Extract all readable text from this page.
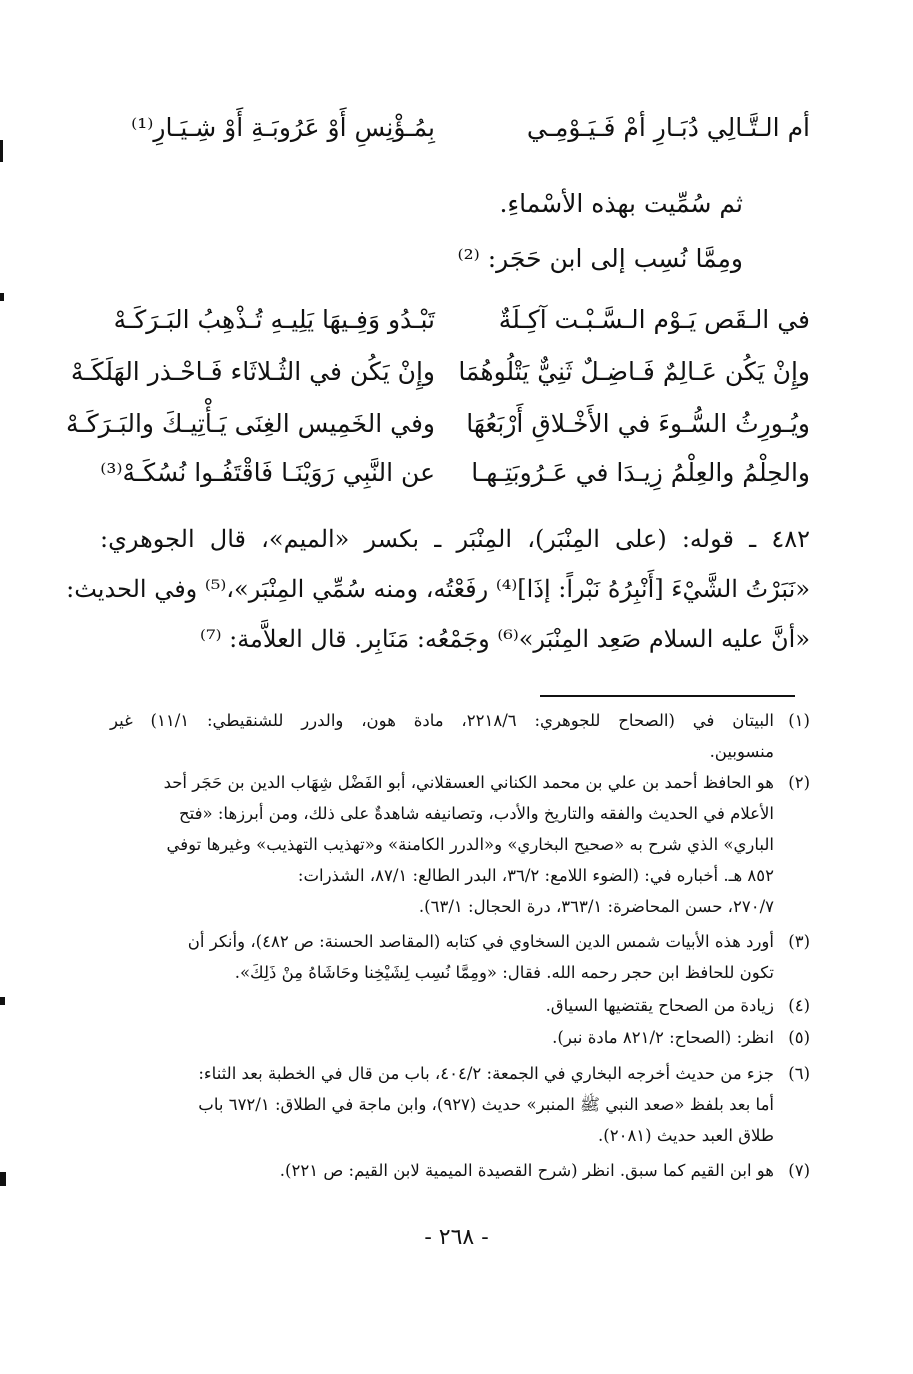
أم الـتَّـالِي دُبَـارِ أمْ فَـيَـوْمِـي
بِمُـؤْنِسِ أَوْ عَرُوبَـةِ أَوْ شِـيَـارِ⁽¹⁾
ثم سُمِّيت بهذه الأسْماءِ.
ومِمَّا نُسِب إلى ابن حَجَر: ⁽²⁾
في الـقَص يَـوْم الـسَّـبْـت آكِـلَةٌ
تَبْـدُو وَفِـيهَا يَلِيـهِ تُـذْهِبُ البَـرَكَـهْ
وإِنْ يَكُن عَـالِمٌ فَـاضِـلٌ ثَنِيٌّ يَتْلُوهُمَا
وإِنْ يَكُن في الثُـلاثَاء فَـاحْـذر الهَلَكَـهْ
ويُـورِثُ السُّـوءَ في الأَخْـلاقِ أَرْبَعُهَا
وفي الخَمِيس الغِنَى يَـأْتِيـكَ والبَـرَكَـهْ
والحِلْمُ والعِلْمُ زِيـدَا في عَـرُوبَتِـهـا
عن النَّبِي رَوَيْنَـا فَاقْتَفُـوا نُسُكَـهْ⁽³⁾
٤٨٢ ـ قوله: (على المِنْبَر)، المِنْبَر ـ بكسر «الميم»، قال الجوهري:
«نَبَرْتُ الشَّيْءَ [أَنْبِرُهُ نَبْراً: إذَا]⁽⁴⁾ رفَعْتُه، ومنه سُمِّي المِنْبَر»،⁽⁵⁾ وفي الحديث:
«أنَّ عليه السلام صَعِد المِنْبَر»⁽⁶⁾ وجَمْعُه: مَنَابِر. قال العلاَّمة: ⁽⁷⁾
(١)البيتان في (الصحاح للجوهري: ٢٢١٨/٦، مادة هون، والدرر للشنقيطي: ١١/١) غير
منسوبين.
(٢)هو الحافظ أحمد بن علي بن محمد الكناني العسقلاني، أبو الفَضْل شِهَاب الدين بن حَجَر أحد
الأعلام في الحديث والفقه والتاريخ والأدب، وتصانيفه شاهدةٌ على ذلك، ومن أبرزها: «فتح
الباري» الذي شرح به «صحيح البخاري» و«الدرر الكامنة» و«تهذيب التهذيب» وغيرها توفي
٨٥٢ هـ. أخباره في: (الضوء اللامع: ٣٦/٢، البدر الطالع: ٨٧/١، الشذرات:
٢٧٠/٧، حسن المحاضرة: ٣٦٣/١، درة الحجال: ٦٣/١).
(٣)أورد هذه الأبيات شمس الدين السخاوي في كتابه (المقاصد الحسنة: ص ٤٨٢)، وأنكر أن
تكون للحافظ ابن حجر رحمه الله. فقال: «ومِمَّا نُسِب لِشَيْخِنا وحَاشَاهُ مِنْ ذَلِكَ».
(٤)زيادة من الصحاح يقتضيها السياق.
(٥)انظر: (الصحاح: ٨٢١/٢ مادة نبر).
(٦)جزء من حديث أخرجه البخاري في الجمعة: ٤٠٤/٢، باب من قال في الخطبة بعد الثناء:
أما بعد بلفظ «صعد النبي ﷺ المنبر» حديث (٩٢٧)، وابن ماجة في الطلاق: ٦٧٢/١ باب
طلاق العبد حديث (٢٠٨١).
(٧)هو ابن القيم كما سبق. انظر (شرح القصيدة الميمية لابن القيم: ص ٢٢١).
- ٢٦٨ -
